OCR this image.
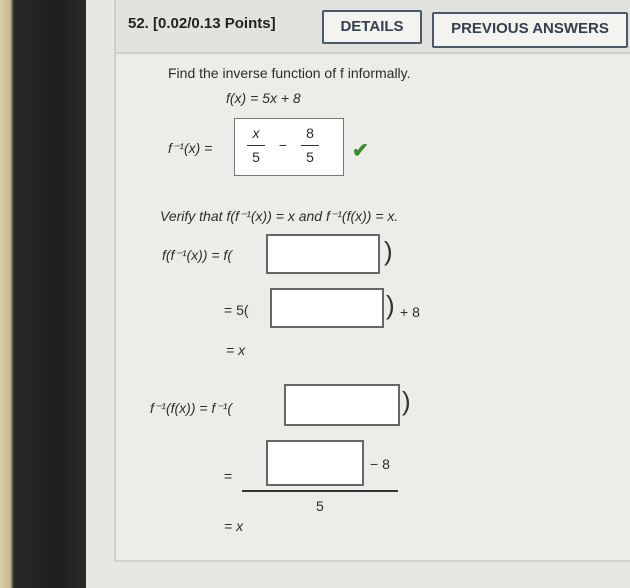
52. [0.02/0.13 Points]	DETAILS	PREVIOUS ANSWERS
Find the inverse function of f informally.
f(x) = 5x + 8
f⁻¹(x) =
x
5
−
8
5	✔
Verify that f(f⁻¹(x)) = x and f⁻¹(f(x)) = x.
f(f⁻¹(x)) = f(	)
= 5(	) + 8
= x
f⁻¹(f(x)) = f⁻¹(	)
=
− 8
5
= x
